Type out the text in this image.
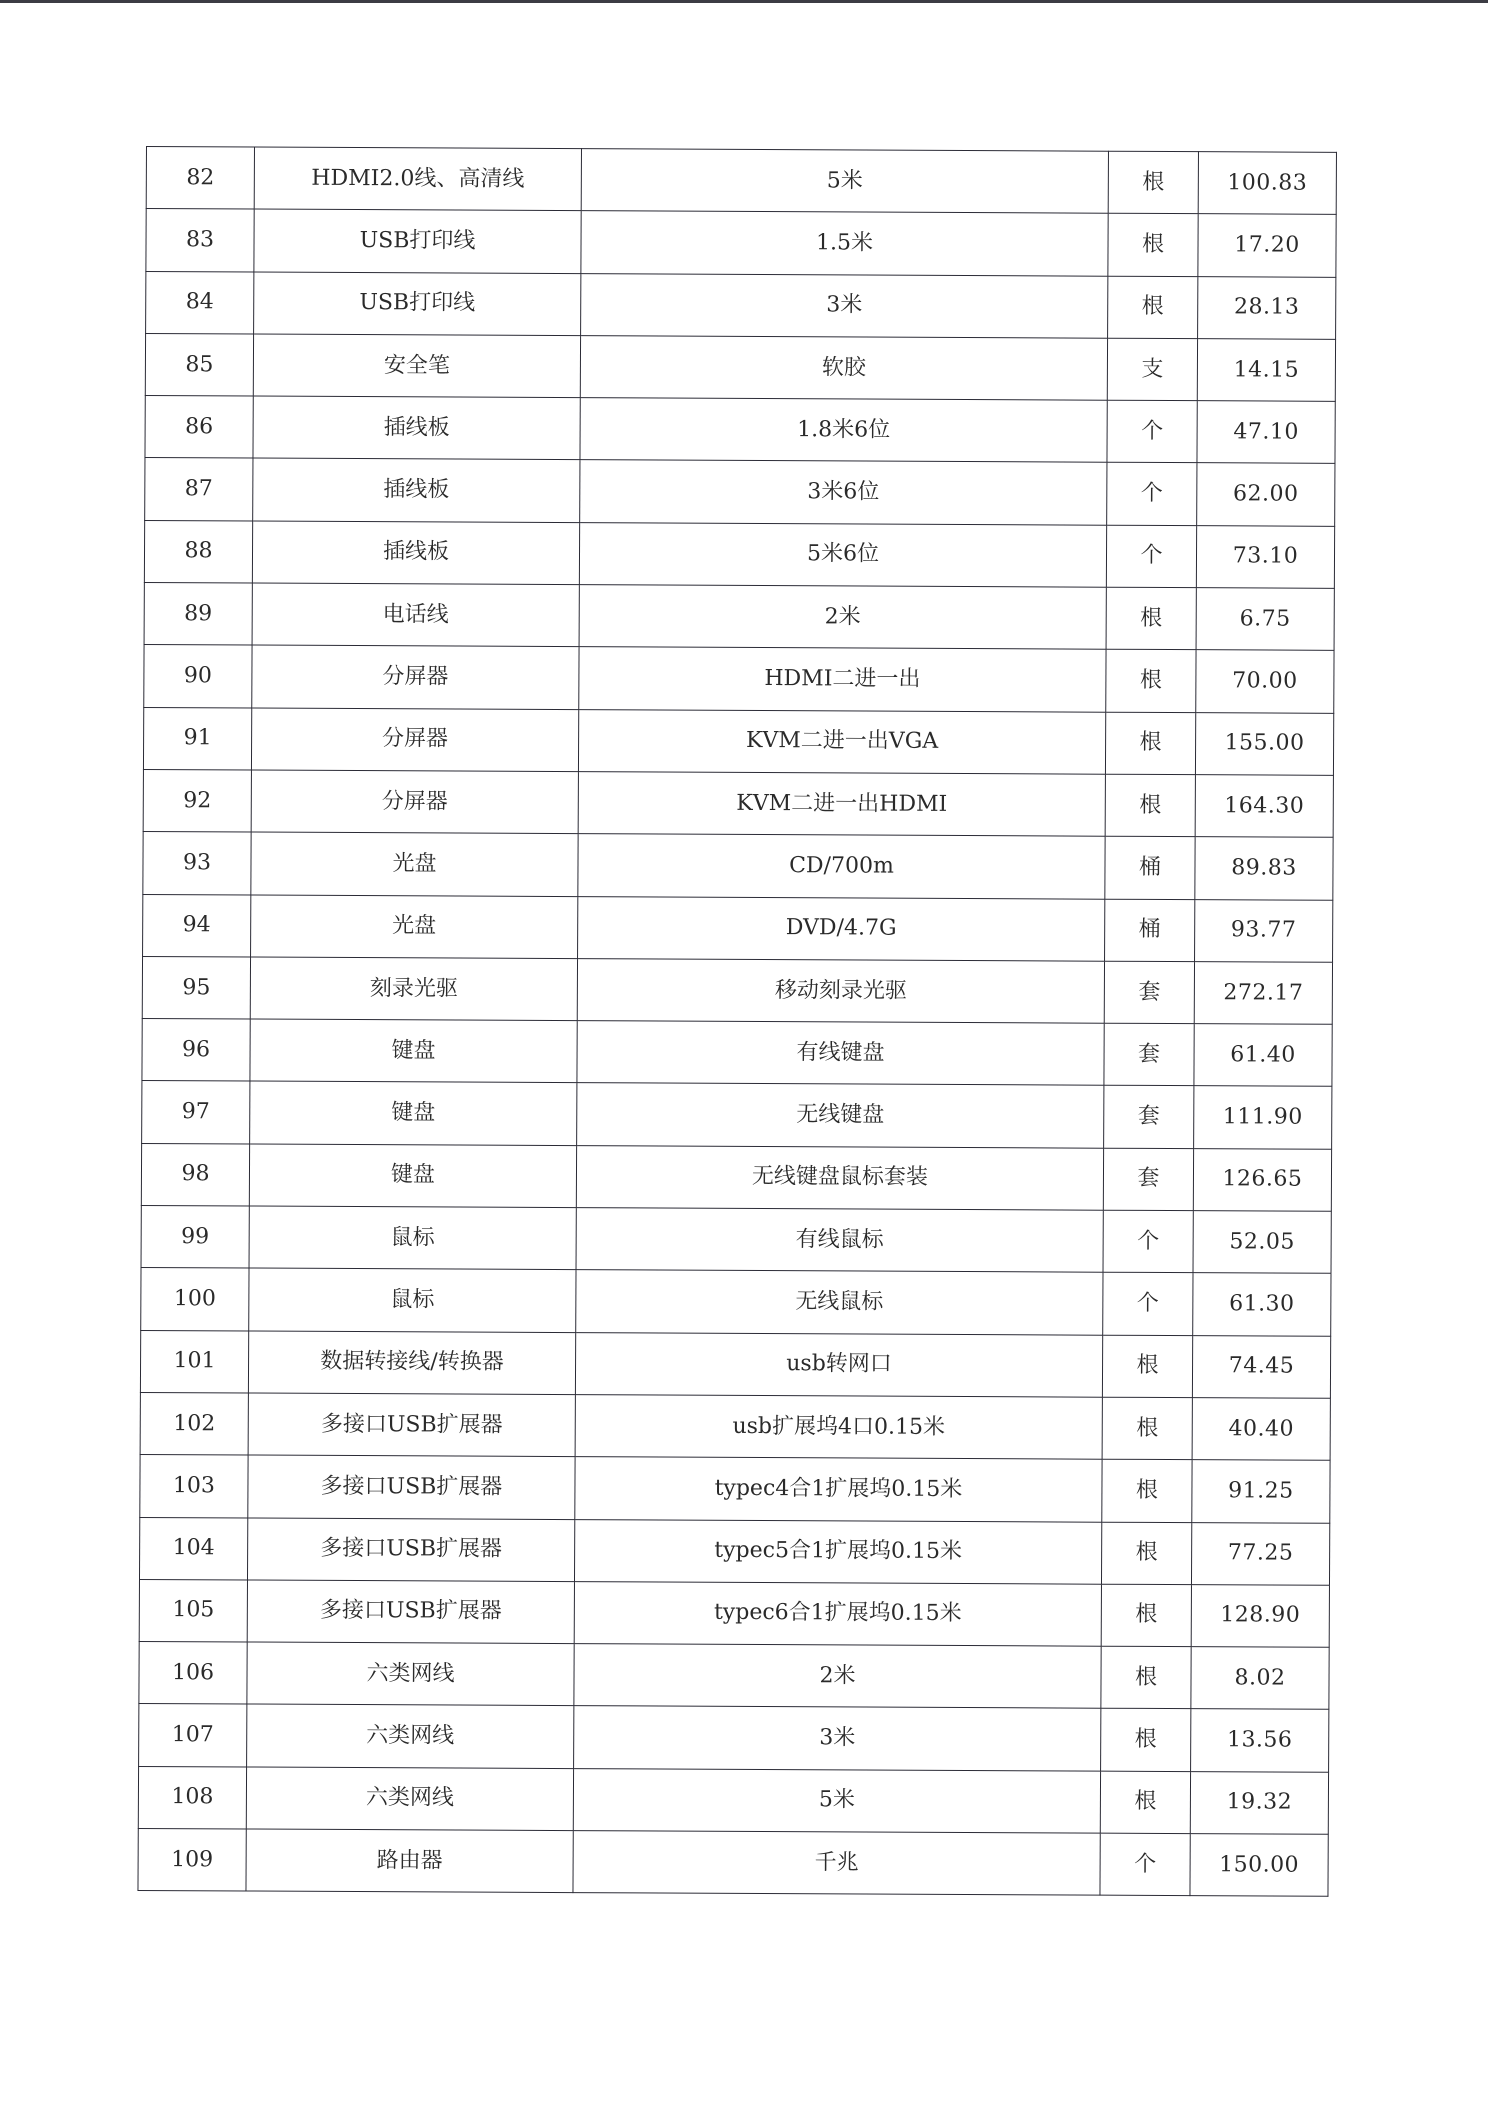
82	HDMI2.0线、高清线	5米	根	100.83
83	USB打印线	1.5米	根	17.20
84	USB打印线	3米	根	28.13
85	安全笔	软胶	支	14.15
86	插线板	1.8米6位	个	47.10
87	插线板	3米6位	个	62.00
88	插线板	5米6位	个	73.10
89	电话线	2米	根	6.75
90	分屏器	HDMI二进一出	根	70.00
91	分屏器	KVM二进一出VGA	根	155.00
92	分屏器	KVM二进一出HDMI	根	164.30
93	光盘	CD/700m	桶	89.83
94	光盘	DVD/4.7G	桶	93.77
95	刻录光驱	移动刻录光驱	套	272.17
96	键盘	有线键盘	套	61.40
97	键盘	无线键盘	套	111.90
98	键盘	无线键盘鼠标套装	套	126.65
99	鼠标	有线鼠标	个	52.05
100	鼠标	无线鼠标	个	61.30
101	数据转接线/转换器	usb转网口	根	74.45
102	多接口USB扩展器	usb扩展坞4口0.15米	根	40.40
103	多接口USB扩展器	typec4合1扩展坞0.15米	根	91.25
104	多接口USB扩展器	typec5合1扩展坞0.15米	根	77.25
105	多接口USB扩展器	typec6合1扩展坞0.15米	根	128.90
106	六类网线	2米	根	8.02
107	六类网线	3米	根	13.56
108	六类网线	5米	根	19.32
109	路由器	千兆	个	150.00
